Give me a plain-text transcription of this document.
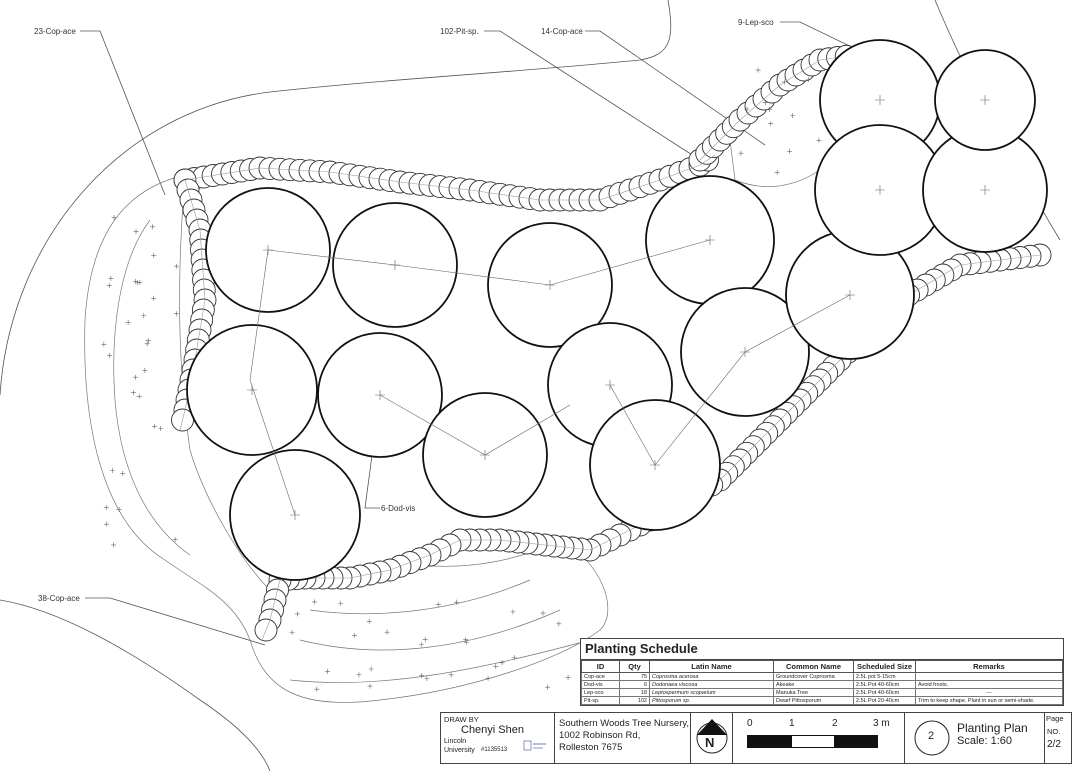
23-Cop-ace	102-Pit-sp.	14-Cop-ace
9-Lep-sco
6-Dod-vis
38-Cop-ace
Planting Schedule
ID	Qty	Latin Name	Common Name	Scheduled Size	Remarks
Cop-ace	75	Coprosma acerosa	Groundcover Coprosma	2.5L pot 5-15cm	
Dod-vis	6	Dodonaea viscosa	Akeake	2.5L Pot 40-60cm	Avoid frosts.
Lep-sco	18	Leptospermum scoparium	Manuka Tree	2.5L Pot 40-60cm	---
Pit-sp.	102	Pittosporum sp.	Dwarf Pittosporum	2.5L Pot 20-40cm	Trim to keep shape. Plant in sun or semi-shade.
DRAW BY
Chenyi Shen
Lincoln
University #1135513
Southern Woods Tree Nursery,
1002 Robinson Rd,
Rolleston 7675	N
0	1	2	3 m
2
Planting Plan
Scale: 1:60
Page
NO.
2/2
